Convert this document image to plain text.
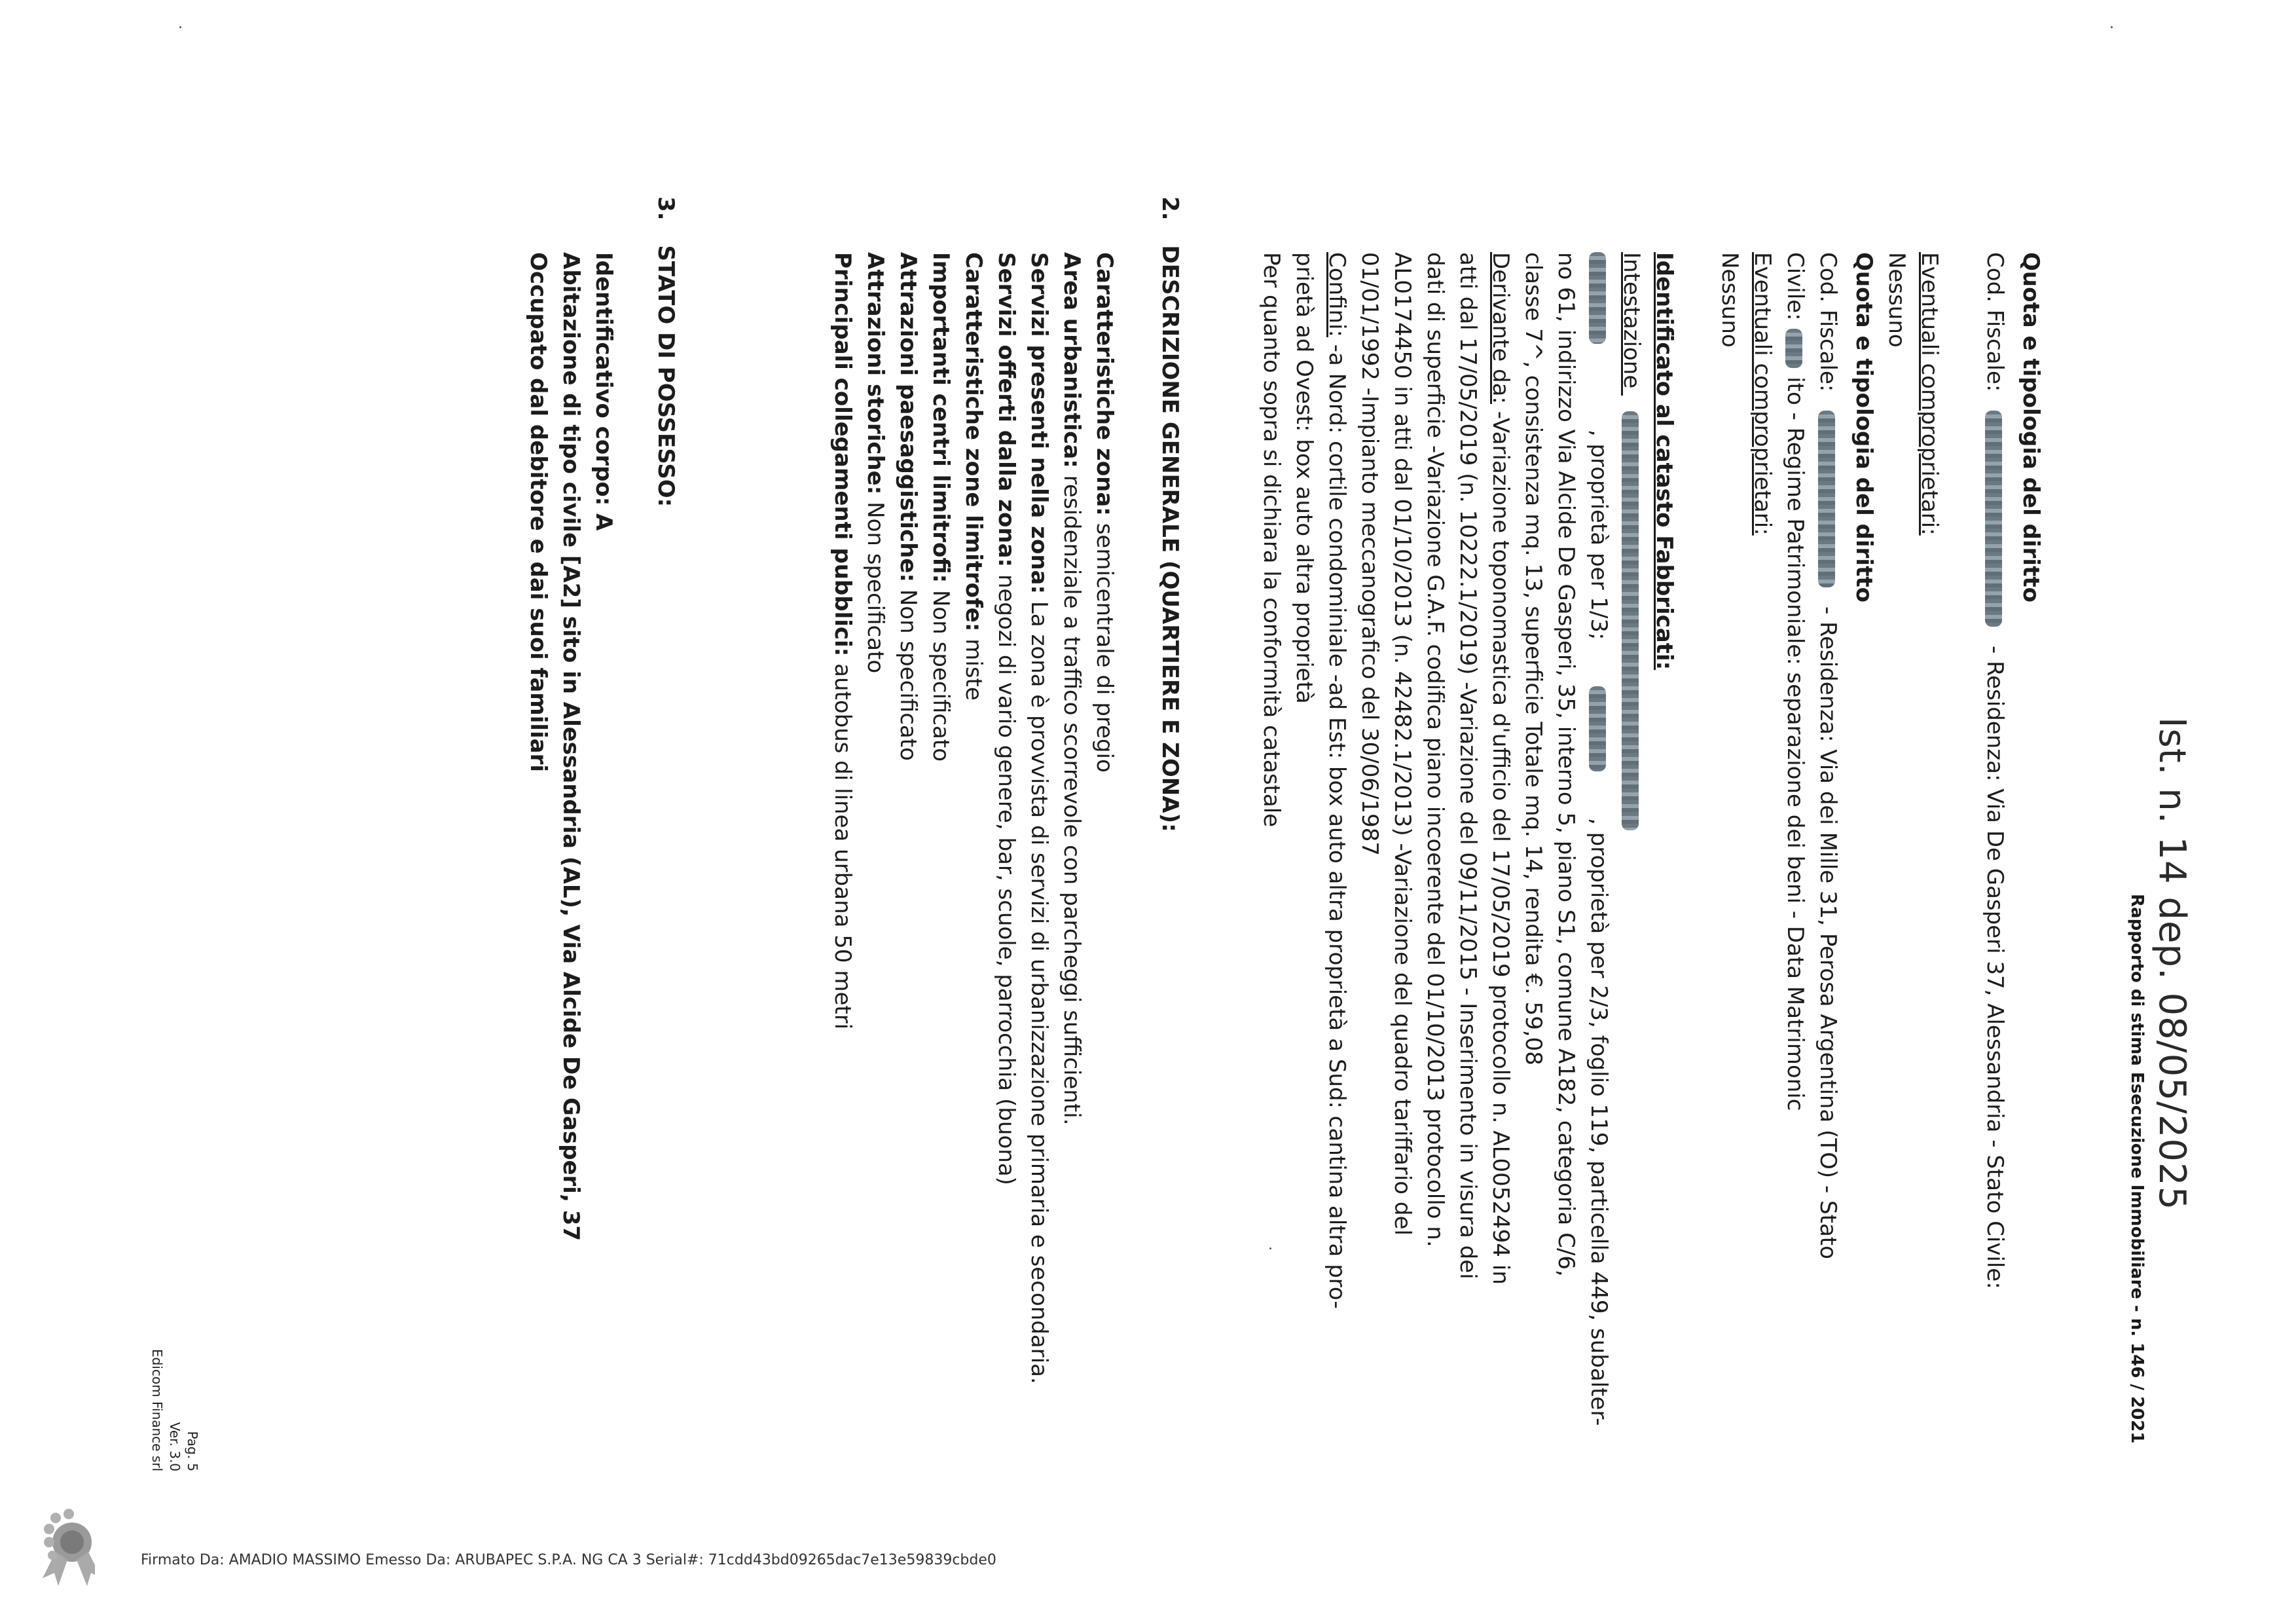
Ist. n. 14 dep. 08/05/2025
Rapporto di stima Esecuzione Immobiliare - n. 146 / 2021
Quota e tipologia del diritto
Cod. Fiscale:  - Residenza: Via De Gasperi 37, Alessandria - Stato Civile:
Eventuali comproprietari:
Nessuno
Quota e tipologia del diritto
Cod. Fiscale:  - Residenza: Via dei Mille 31, Perosa Argentina (TO) - Stato
Civile:  ito - Regime Patrimoniale: separazione dei beni - Data Matrimonic
Eventuali comproprietari:
Nessuno
Identificato al catasto Fabbricati:
Intestazione
, proprietà per 1/3;  , proprietà per 2/3, foglio 119, particella 449, subalter-
no 61, indirizzo Via Alcide De Gasperi, 35, interno 5, piano S1, comune A182, categoria C/6,
classe 7^, consistenza mq. 13, superficie Totale mq. 14, rendita €. 59,08
Derivante da: -Variazione toponomastica d'ufficio del 17/05/2019 protocollo n. AL0052494 in
atti dal 17/05/2019 (n. 10222.1/2019) -Variazione del 09/11/2015 - Inserimento in visura dei
dati di superficie -Variazione G.A.F. codifica piano incoerente del 01/10/2013 protocollo n.
AL0174450 in atti dal 01/10/2013 (n. 42482.1/2013) -Variazione del quadro tariffario del
01/01/1992 -Impianto meccanografico del 30/06/1987
Confini: -a Nord: cortile condominiale -ad Est: box auto altra proprietà a Sud: cantina altra pro-
prietà ad Ovest: box auto altra proprietà
Per quanto sopra si dichiara la conformità catastale
2. DESCRIZIONE GENERALE (QUARTIERE E ZONA):
Caratteristiche zona: semicentrale di pregio
Area urbanistica: residenziale a traffico scorrevole con parcheggi sufficienti.
Servizi presenti nella zona: La zona è provvista di servizi di urbanizzazione primaria e secondaria.
Servizi offerti dalla zona: negozi di vario genere, bar, scuole, parrocchia (buona)
Caratteristiche zone limitrofe: miste
Importanti centri limitrofi: Non specificato
Attrazioni paesaggistiche: Non specificato
Attrazioni storiche: Non specificato
Principali collegamenti pubblici: autobus di linea urbana 50 metri
3. STATO DI POSSESSO:
Identificativo corpo: A
Abitazione di tipo civile [A2] sito in Alessandria (AL), Via Alcide De Gasperi, 37
Occupato dal debitore e dai suoi familiari
Pag. 5
Ver. 3.0
Edicom Finance srl
Firmato Da: AMADIO MASSIMO Emesso Da: ARUBAPEC S.P.A. NG CA 3 Serial#: 71cdd43bd09265dac7e13e59839cbde0
